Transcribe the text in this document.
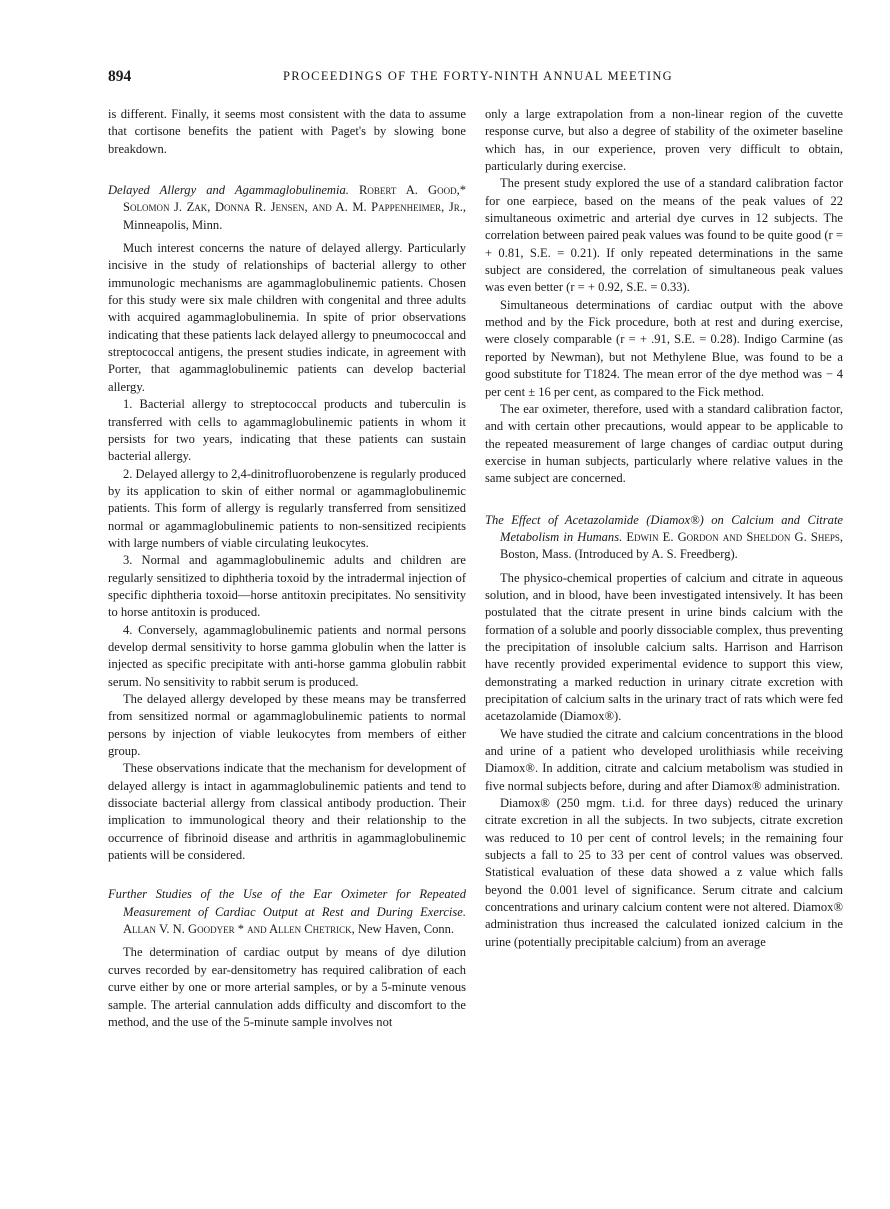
894	PROCEEDINGS OF THE FORTY-NINTH ANNUAL MEETING

is different. Finally, it seems most consistent with the data to assume that cortisone benefits the patient with Paget's by slowing bone breakdown.

Delayed Allergy and Agammaglobulinemia. Robert A. Good,* Solomon J. Zak, Donna R. Jensen, and A. M. Pappenheimer, Jr., Minneapolis, Minn.

Much interest concerns the nature of delayed allergy. Particularly incisive in the study of relationships of bacterial allergy to other immunologic mechanisms are agammaglobulinemic patients. Chosen for this study were six male children with congenital and three adults with acquired agammaglobulinemia. In spite of prior observations indicating that these patients lack delayed allergy to pneumococcal and streptococcal antigens, the present studies indicate, in agreement with Porter, that agammaglobulinemic patients can develop bacterial allergy.

1. Bacterial allergy to streptococcal products and tuberculin is transferred with cells to agammaglobulinemic patients in whom it persists for two years, indicating that these patients can sustain bacterial allergy.

2. Delayed allergy to 2,4-dinitrofluorobenzene is regularly produced by its application to skin of either normal or agammaglobulinemic patients. This form of allergy is regularly transferred from sensitized normal or agammaglobulinemic patients to non-sensitized recipients with large numbers of viable circulating leukocytes.

3. Normal and agammaglobulinemic adults and children are regularly sensitized to diphtheria toxoid by the intradermal injection of specific diphtheria toxoid—horse antitoxin precipitates. No sensitivity to horse antitoxin is produced.

4. Conversely, agammaglobulinemic patients and normal persons develop dermal sensitivity to horse gamma globulin when the latter is injected as specific precipitate with anti-horse gamma globulin rabbit serum. No sensitivity to rabbit serum is produced.

The delayed allergy developed by these means may be transferred from sensitized normal or agammaglobulinemic patients to normal persons by injection of viable leukocytes from members of either group.

These observations indicate that the mechanism for development of delayed allergy is intact in agammaglobulinemic patients and tend to dissociate bacterial allergy from classical antibody production. Their implication to immunological theory and their relationship to the occurrence of fibrinoid disease and arthritis in agammaglobulinemic patients will be considered.

Further Studies of the Use of the Ear Oximeter for Repeated Measurement of Cardiac Output at Rest and During Exercise. Allan V. N. Goodyer * and Allen Chetrick, New Haven, Conn.

The determination of cardiac output by means of dye dilution curves recorded by ear-densitometry has required calibration of each curve either by one or more arterial samples, or by a 5-minute venous sample. The arterial cannulation adds difficulty and discomfort to the method, and the use of the 5-minute sample involves not

only a large extrapolation from a non-linear region of the cuvette response curve, but also a degree of stability of the oximeter baseline which has, in our experience, proven very difficult to obtain, particularly during exercise.

The present study explored the use of a standard calibration factor for one earpiece, based on the means of the peak values of 22 simultaneous oximetric and arterial dye curves in 12 subjects. The correlation between paired peak values was found to be quite good (r = + 0.81, S.E. = 0.21). If only repeated determinations in the same subject are considered, the correlation of simultaneous peak values was even better (r = + 0.92, S.E. = 0.33).

Simultaneous determinations of cardiac output with the above method and by the Fick procedure, both at rest and during exercise, were closely comparable (r = + .91, S.E. = 0.28). Indigo Carmine (as reported by Newman), but not Methylene Blue, was found to be a good substitute for T1824. The mean error of the dye method was − 4 per cent ± 16 per cent, as compared to the Fick method.

The ear oximeter, therefore, used with a standard calibration factor, and with certain other precautions, would appear to be applicable to the repeated measurement of large changes of cardiac output during exercise in human subjects, particularly where relative values in the same subject are concerned.

The Effect of Acetazolamide (Diamox®) on Calcium and Citrate Metabolism in Humans. Edwin E. Gordon and Sheldon G. Sheps, Boston, Mass. (Introduced by A. S. Freedberg).

The physico-chemical properties of calcium and citrate in aqueous solution, and in blood, have been investigated intensively. It has been postulated that the citrate present in urine binds calcium with the formation of a soluble and poorly dissociable complex, thus preventing the precipitation of insoluble calcium salts. Harrison and Harrison have recently provided experimental evidence to support this view, demonstrating a marked reduction in urinary citrate excretion with precipitation of calcium salts in the urinary tract of rats which were fed acetazolamide (Diamox®).

We have studied the citrate and calcium concentrations in the blood and urine of a patient who developed urolithiasis while receiving Diamox®. In addition, citrate and calcium metabolism was studied in five normal subjects before, during and after Diamox® administration.

Diamox® (250 mgm. t.i.d. for three days) reduced the urinary citrate excretion in all the subjects. In two subjects, citrate excretion was reduced to 10 per cent of control levels; in the remaining four subjects a fall to 25 to 33 per cent of control values was observed. Statistical evaluation of these data showed a z value which falls beyond the 0.001 level of significance. Serum citrate and calcium concentrations and urinary calcium content were not altered. Diamox® administration thus increased the calculated ionized calcium in the urine (potentially precipitable calcium) from an average
